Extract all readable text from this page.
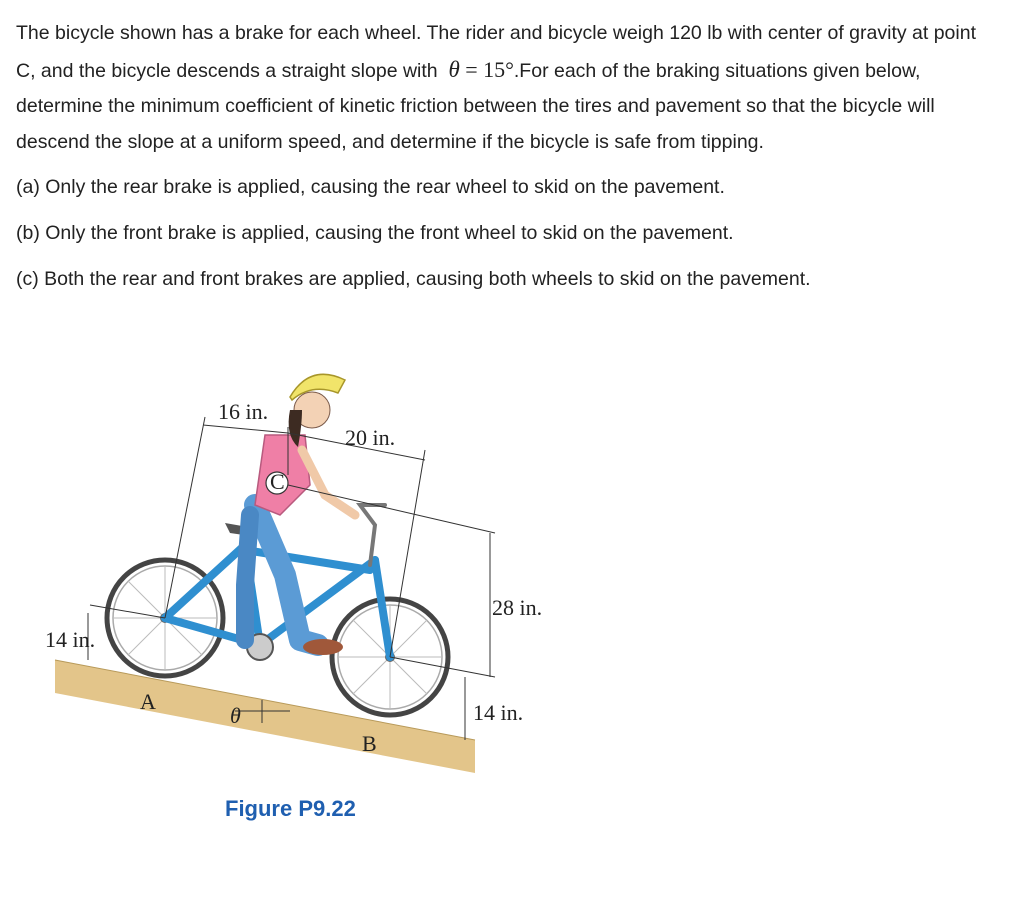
The bicycle shown has a brake for each wheel. The rider and bicycle weigh 120 lb with center of gravity at point C, and the bicycle descends a straight slope with θ = 15°.For each of the braking situations given below, determine the minimum coefficient of kinetic friction between the tires and pavement so that the bicycle will descend the slope at a uniform speed, and determine if the bicycle is safe from tipping.

(a) Only the rear brake is applied, causing the rear wheel to skid on the pavement.

(b) Only the front brake is applied, causing the front wheel to skid on the pavement.

(c) Both the rear and front brakes are applied, causing both wheels to skid on the pavement.

C
16 in.
20 in.
28 in.
14 in.
14 in.
A
B
θ
Figure P9.22
